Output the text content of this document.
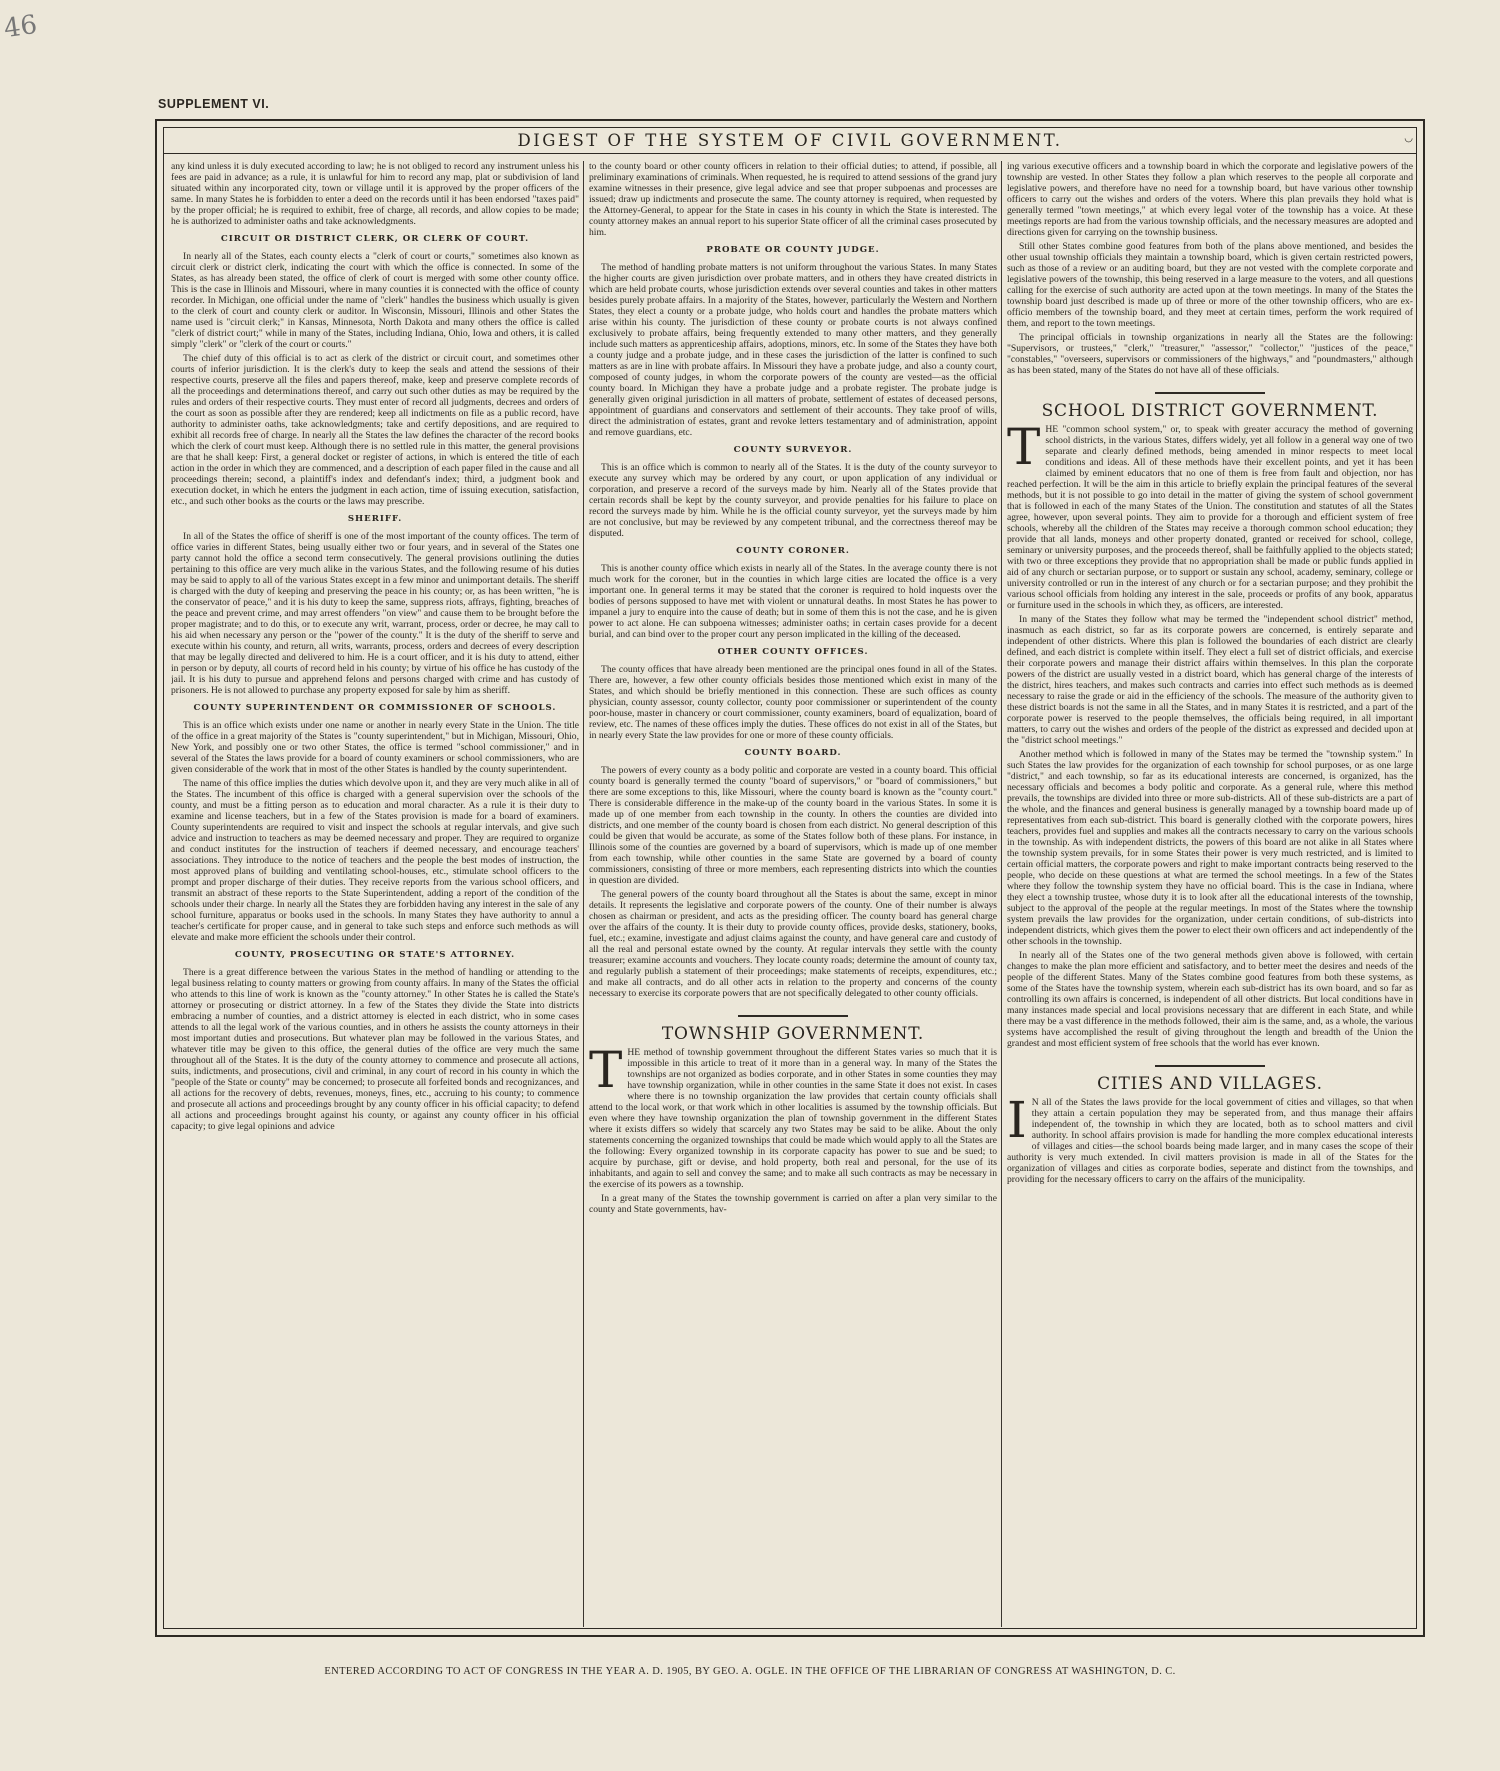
46
SUPPLEMENT VI.
DIGEST OF THE SYSTEM OF CIVIL GOVERNMENT.	◡

any kind unless it is duly executed according to law; he is not obliged to record any instrument unless his fees are paid in advance; as a rule, it is unlawful for him to record any map, plat or subdivision of land situated within any incorporated city, town or village until it is approved by the proper officers of the same. In many States he is forbidden to enter a deed on the records until it has been endorsed "taxes paid" by the proper official; he is required to exhibit, free of charge, all records, and allow copies to be made; he is authorized to administer oaths and take acknowledgments.

CIRCUIT OR DISTRICT CLERK, OR CLERK OF COURT.

In nearly all of the States, each county elects a "clerk of court or courts," sometimes also known as circuit clerk or district clerk, indicating the court with which the office is connected. In some of the States, as has already been stated, the office of clerk of court is merged with some other county office. This is the case in Illinois and Missouri, where in many counties it is connected with the office of county recorder. In Michigan, one official under the name of "clerk" handles the business which usually is given to the clerk of court and county clerk or auditor. In Wisconsin, Missouri, Illinois and other States the name used is "circuit clerk;" in Kansas, Minnesota, North Dakota and many others the office is called "clerk of district court;" while in many of the States, including Indiana, Ohio, Iowa and others, it is called simply "clerk" or "clerk of the court or courts."

The chief duty of this official is to act as clerk of the district or circuit court, and sometimes other courts of inferior jurisdiction. It is the clerk's duty to keep the seals and attend the sessions of their respective courts, preserve all the files and papers thereof, make, keep and preserve complete records of all the proceedings and determinations thereof, and carry out such other duties as may be required by the rules and orders of their respective courts. They must enter of record all judgments, decrees and orders of the court as soon as possible after they are rendered; keep all indictments on file as a public record, have authority to administer oaths, take acknowledgments; take and certify depositions, and are required to exhibit all records free of charge. In nearly all the States the law defines the character of the record books which the clerk of court must keep. Although there is no settled rule in this matter, the general provisions are that he shall keep: First, a general docket or register of actions, in which is entered the title of each action in the order in which they are commenced, and a description of each paper filed in the cause and all proceedings therein; second, a plaintiff's index and defendant's index; third, a judgment book and execution docket, in which he enters the judgment in each action, time of issuing execution, satisfaction, etc., and such other books as the courts or the laws may prescribe.

SHERIFF.

In all of the States the office of sheriff is one of the most important of the county offices. The term of office varies in different States, being usually either two or four years, and in several of the States one party cannot hold the office a second term consecutively. The general provisions outlining the duties pertaining to this office are very much alike in the various States, and the following resume of his duties may be said to apply to all of the various States except in a few minor and unimportant details. The sheriff is charged with the duty of keeping and preserving the peace in his county; or, as has been written, "he is the conservator of peace," and it is his duty to keep the same, suppress riots, affrays, fighting, breaches of the peace and prevent crime, and may arrest offenders "on view" and cause them to be brought before the proper magistrate; and to do this, or to execute any writ, warrant, process, order or decree, he may call to his aid when necessary any person or the "power of the county." It is the duty of the sheriff to serve and execute within his county, and return, all writs, warrants, process, orders and decrees of every description that may be legally directed and delivered to him. He is a court officer, and it is his duty to attend, either in person or by deputy, all courts of record held in his county; by virtue of his office he has custody of the jail. It is his duty to pursue and apprehend felons and persons charged with crime and has custody of prisoners. He is not allowed to purchase any property exposed for sale by him as sheriff.

COUNTY SUPERINTENDENT OR COMMISSIONER OF SCHOOLS.

This is an office which exists under one name or another in nearly every State in the Union. The title of the office in a great majority of the States is "county superintendent," but in Michigan, Missouri, Ohio, New York, and possibly one or two other States, the office is termed "school commissioner," and in several of the States the laws provide for a board of county examiners or school commissioners, who are given considerable of the work that in most of the other States is handled by the county superintendent.

The name of this office implies the duties which devolve upon it, and they are very much alike in all of the States. The incumbent of this office is charged with a general supervision over the schools of the county, and must be a fitting person as to education and moral character. As a rule it is their duty to examine and license teachers, but in a few of the States provision is made for a board of examiners. County superintendents are required to visit and inspect the schools at regular intervals, and give such advice and instruction to teachers as may be deemed necessary and proper. They are required to organize and conduct institutes for the instruction of teachers if deemed necessary, and encourage teachers' associations. They introduce to the notice of teachers and the people the best modes of instruction, the most approved plans of building and ventilating school-houses, etc., stimulate school officers to the prompt and proper discharge of their duties. They receive reports from the various school officers, and transmit an abstract of these reports to the State Superintendent, adding a report of the condition of the schools under their charge. In nearly all the States they are forbidden having any interest in the sale of any school furniture, apparatus or books used in the schools. In many States they have authority to annul a teacher's certificate for proper cause, and in general to take such steps and enforce such methods as will elevate and make more efficient the schools under their control.

COUNTY, PROSECUTING OR STATE'S ATTORNEY.

There is a great difference between the various States in the method of handling or attending to the legal business relating to county matters or growing from county affairs. In many of the States the official who attends to this line of work is known as the "county attorney." In other States he is called the State's attorney or prosecuting or district attorney. In a few of the States they divide the State into districts embracing a number of counties, and a district attorney is elected in each district, who in some cases attends to all the legal work of the various counties, and in others he assists the county attorneys in their most important duties and prosecutions. But whatever plan may be followed in the various States, and whatever title may be given to this office, the general duties of the office are very much the same throughout all of the States. It is the duty of the county attorney to commence and prosecute all actions, suits, indictments, and prosecutions, civil and criminal, in any court of record in his county in which the "people of the State or county" may be concerned; to prosecute all forfeited bonds and recognizances, and all actions for the recovery of debts, revenues, moneys, fines, etc., accruing to his county; to commence and prosecute all actions and proceedings brought by any county officer in his official capacity; to defend all actions and proceedings brought against his county, or against any county officer in his official capacity; to give legal opinions and advice

to the county board or other county officers in relation to their official duties; to attend, if possible, all preliminary examinations of criminals. When requested, he is required to attend sessions of the grand jury examine witnesses in their presence, give legal advice and see that proper subpoenas and processes are issued; draw up indictments and prosecute the same. The county attorney is required, when requested by the Attorney-General, to appear for the State in cases in his county in which the State is interested. The county attorney makes an annual report to his superior State officer of all the criminal cases prosecuted by him.

PROBATE OR COUNTY JUDGE.

The method of handling probate matters is not uniform throughout the various States. In many States the higher courts are given jurisdiction over probate matters, and in others they have created districts in which are held probate courts, whose jurisdiction extends over several counties and takes in other matters besides purely probate affairs. In a majority of the States, however, particularly the Western and Northern States, they elect a county or a probate judge, who holds court and handles the probate matters which arise within his county. The jurisdiction of these county or probate courts is not always confined exclusively to probate affairs, being frequently extended to many other matters, and they generally include such matters as apprenticeship affairs, adoptions, minors, etc. In some of the States they have both a county judge and a probate judge, and in these cases the jurisdiction of the latter is confined to such matters as are in line with probate affairs. In Missouri they have a probate judge, and also a county court, composed of county judges, in whom the corporate powers of the county are vested—as the official county board. In Michigan they have a probate judge and a probate register. The probate judge is generally given original jurisdiction in all matters of probate, settlement of estates of deceased persons, appointment of guardians and conservators and settlement of their accounts. They take proof of wills, direct the administration of estates, grant and revoke letters testamentary and of administration, appoint and remove guardians, etc.

COUNTY SURVEYOR.

This is an office which is common to nearly all of the States. It is the duty of the county surveyor to execute any survey which may be ordered by any court, or upon application of any individual or corporation, and preserve a record of the surveys made by him. Nearly all of the States provide that certain records shall be kept by the county surveyor, and provide penalties for his failure to place on record the surveys made by him. While he is the official county surveyor, yet the surveys made by him are not conclusive, but may be reviewed by any competent tribunal, and the correctness thereof may be disputed.

COUNTY CORONER.

This is another county office which exists in nearly all of the States. In the average county there is not much work for the coroner, but in the counties in which large cities are located the office is a very important one. In general terms it may be stated that the coroner is required to hold inquests over the bodies of persons supposed to have met with violent or unnatural deaths. In most States he has power to impanel a jury to enquire into the cause of death; but in some of them this is not the case, and he is given power to act alone. He can subpoena witnesses; administer oaths; in certain cases provide for a decent burial, and can bind over to the proper court any person implicated in the killing of the deceased.

OTHER COUNTY OFFICES.

The county offices that have already been mentioned are the principal ones found in all of the States. There are, however, a few other county officials besides those mentioned which exist in many of the States, and which should be briefly mentioned in this connection. These are such offices as county physician, county assessor, county collector, county poor commissioner or superintendent of the county poor-house, master in chancery or court commissioner, county examiners, board of equalization, board of review, etc. The names of these offices imply the duties. These offices do not exist in all of the States, but in nearly every State the law provides for one or more of these county officials.

COUNTY BOARD.

The powers of every county as a body politic and corporate are vested in a county board. This official county board is generally termed the county "board of supervisors," or "board of commissioners," but there are some exceptions to this, like Missouri, where the county board is known as the "county court." There is considerable difference in the make-up of the county board in the various States. In some it is made up of one member from each township in the county. In others the counties are divided into districts, and one member of the county board is chosen from each district. No general description of this could be given that would be accurate, as some of the States follow both of these plans. For instance, in Illinois some of the counties are governed by a board of supervisors, which is made up of one member from each township, while other counties in the same State are governed by a board of county commissioners, consisting of three or more members, each representing districts into which the counties in question are divided.

The general powers of the county board throughout all the States is about the same, except in minor details. It represents the legislative and corporate powers of the county. One of their number is always chosen as chairman or president, and acts as the presiding officer. The county board has general charge over the affairs of the county. It is their duty to provide county offices, provide desks, stationery, books, fuel, etc.; examine, investigate and adjust claims against the county, and have general care and custody of all the real and personal estate owned by the county. At regular intervals they settle with the county treasurer; examine accounts and vouchers. They locate county roads; determine the amount of county tax, and regularly publish a statement of their proceedings; make statements of receipts, expenditures, etc.; and make all contracts, and do all other acts in relation to the property and concerns of the county necessary to exercise its corporate powers that are not specifically delegated to other county officials.

TOWNSHIP GOVERNMENT.

THE method of township government throughout the different States varies so much that it is impossible in this article to treat of it more than in a general way. In many of the States the townships are not organized as bodies corporate, and in other States in some counties they may have township organization, while in other counties in the same State it does not exist. In cases where there is no township organization the law provides that certain county officials shall attend to the local work, or that work which in other localities is assumed by the township officials. But even where they have township organization the plan of township government in the different States where it exists differs so widely that scarcely any two States may be said to be alike. About the only statements concerning the organized townships that could be made which would apply to all the States are the following: Every organized township in its corporate capacity has power to sue and be sued; to acquire by purchase, gift or devise, and hold property, both real and personal, for the use of its inhabitants, and again to sell and convey the same; and to make all such contracts as may be necessary in the exercise of its powers as a township.

In a great many of the States the township government is carried on after a plan very similar to the county and State governments, hav-

ing various executive officers and a township board in which the corporate and legislative powers of the township are vested. In other States they follow a plan which reserves to the people all corporate and legislative powers, and therefore have no need for a township board, but have various other township officers to carry out the wishes and orders of the voters. Where this plan prevails they hold what is generally termed "town meetings," at which every legal voter of the township has a voice. At these meetings reports are had from the various township officials, and the necessary measures are adopted and directions given for carrying on the township business.

Still other States combine good features from both of the plans above mentioned, and besides the other usual township officials they maintain a township board, which is given certain restricted powers, such as those of a review or an auditing board, but they are not vested with the complete corporate and legislative powers of the township, this being reserved in a large measure to the voters, and all questions calling for the exercise of such authority are acted upon at the town meetings. In many of the States the township board just described is made up of three or more of the other township officers, who are ex-officio members of the township board, and they meet at certain times, perform the work required of them, and report to the town meetings.

The principal officials in township organizations in nearly all the States are the following: "Supervisors, or trustees," "clerk," "treasurer," "assessor," "collector," "justices of the peace," "constables," "overseers, supervisors or commissioners of the highways," and "poundmasters," although as has been stated, many of the States do not have all of these officials.

SCHOOL DISTRICT GOVERNMENT.

THE "common school system," or, to speak with greater accuracy the method of governing school districts, in the various States, differs widely, yet all follow in a general way one of two separate and clearly defined methods, being amended in minor respects to meet local conditions and ideas. All of these methods have their excellent points, and yet it has been claimed by eminent educators that no one of them is free from fault and objection, nor has reached perfection. It will be the aim in this article to briefly explain the principal features of the several methods, but it is not possible to go into detail in the matter of giving the system of school government that is followed in each of the many States of the Union. The constitution and statutes of all the States agree, however, upon several points. They aim to provide for a thorough and efficient system of free schools, whereby all the children of the States may receive a thorough common school education; they provide that all lands, moneys and other property donated, granted or received for school, college, seminary or university purposes, and the proceeds thereof, shall be faithfully applied to the objects stated; with two or three exceptions they provide that no appropriation shall be made or public funds applied in aid of any church or sectarian purpose, or to support or sustain any school, academy, seminary, college or university controlled or run in the interest of any church or for a sectarian purpose; and they prohibit the various school officials from holding any interest in the sale, proceeds or profits of any book, apparatus or furniture used in the schools in which they, as officers, are interested.

In many of the States they follow what may be termed the "independent school district" method, inasmuch as each district, so far as its corporate powers are concerned, is entirely separate and independent of other districts. Where this plan is followed the boundaries of each district are clearly defined, and each district is complete within itself. They elect a full set of district officials, and exercise their corporate powers and manage their district affairs within themselves. In this plan the corporate powers of the district are usually vested in a district board, which has general charge of the interests of the district, hires teachers, and makes such contracts and carries into effect such methods as is deemed necessary to raise the grade or aid in the efficiency of the schools. The measure of the authority given to these district boards is not the same in all the States, and in many States it is restricted, and a part of the corporate power is reserved to the people themselves, the officials being required, in all important matters, to carry out the wishes and orders of the people of the district as expressed and decided upon at the "district school meetings."

Another method which is followed in many of the States may be termed the "township system." In such States the law provides for the organization of each township for school purposes, or as one large "district," and each township, so far as its educational interests are concerned, is organized, has the necessary officials and becomes a body politic and corporate. As a general rule, where this method prevails, the townships are divided into three or more sub-districts. All of these sub-districts are a part of the whole, and the finances and general business is generally managed by a township board made up of representatives from each sub-district. This board is generally clothed with the corporate powers, hires teachers, provides fuel and supplies and makes all the contracts necessary to carry on the various schools in the township. As with independent districts, the powers of this board are not alike in all States where the township system prevails, for in some States their power is very much restricted, and is limited to certain official matters, the corporate powers and right to make important contracts being reserved to the people, who decide on these questions at what are termed the school meetings. In a few of the States where they follow the township system they have no official board. This is the case in Indiana, where they elect a township trustee, whose duty it is to look after all the educational interests of the township, subject to the approval of the people at the regular meetings. In most of the States where the township system prevails the law provides for the organization, under certain conditions, of sub-districts into independent districts, which gives them the power to elect their own officers and act independently of the other schools in the township.

In nearly all of the States one of the two general methods given above is followed, with certain changes to make the plan more efficient and satisfactory, and to better meet the desires and needs of the people of the different States. Many of the States combine good features from both these systems, as some of the States have the township system, wherein each sub-district has its own board, and so far as controlling its own affairs is concerned, is independent of all other districts. But local conditions have in many instances made special and local provisions necessary that are different in each State, and while there may be a vast difference in the methods followed, their aim is the same, and, as a whole, the various systems have accomplished the result of giving throughout the length and breadth of the Union the grandest and most efficient system of free schools that the world has ever known.

CITIES AND VILLAGES.

I N all of the States the laws provide for the local government of cities and villages, so that when they attain a certain population they may be seperated from, and thus manage their affairs independent of, the township in which they are located, both as to school matters and civil authority. In school affairs provision is made for handling the more complex educational interests of villages and cities—the school boards being made larger, and in many cases the scope of their authority is very much extended. In civil matters provision is made in all of the States for the organization of villages and cities as corporate bodies, seperate and distinct from the townships, and providing for the necessary officers to carry on the affairs of the municipality.

ENTERED ACCORDING TO ACT OF CONGRESS IN THE YEAR A. D. 1905, BY GEO. A. OGLE. IN THE OFFICE OF THE LIBRARIAN OF CONGRESS AT WASHINGTON, D. C.
